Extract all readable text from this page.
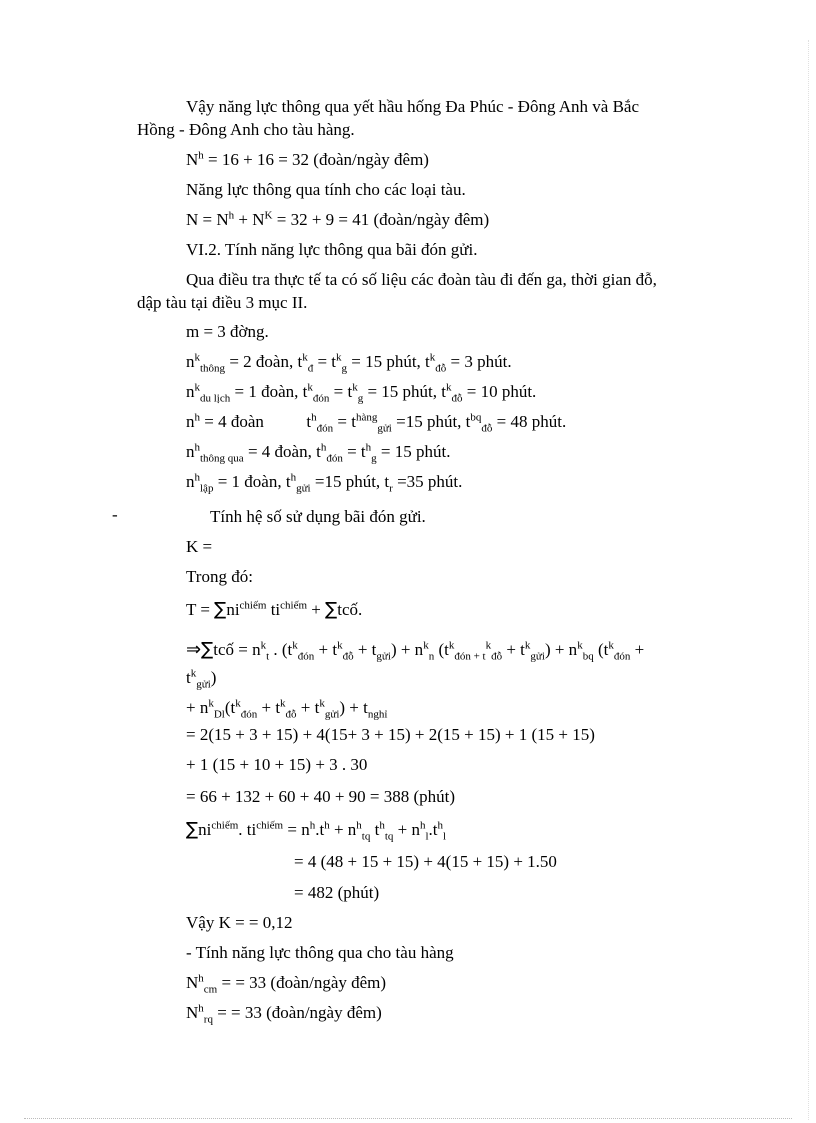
Vậy năng lực thông qua yết hầu hống Đa Phúc - Đông Anh và Bắc
Hồng - Đông Anh cho tàu hàng.
$N^h = 16 + 16 = 32$ (đoàn/ngày đêm)
Năng lực thông qua tính cho các loại tàu.
$N = N^h + N^K = 32 + 9 = 41$ (đoàn/ngày đêm)
VI.2. Tính năng lực thông qua bãi đón gửi.
Qua điều tra thực tế ta có số liệu các đoàn tàu đi đến ga, thời gian đỗ,
dập tàu tại điều 3 mục II.
m = 3 đờng.
$n^k_{thông} = 2$ đoàn, $t^k_đ = t^k_g = 15$ phút, $t^k_{đỗ} = 3$ phút.
$n^k_{du lịch} = 1$ đoàn, $t^k_{đón} = t^k_g = 15$ phút, $t^k_{đỗ} = 10$ phút.
$n^h = 4$ đoàn          $t^h_{đón} = t^{hàng}_{gửi} =15$ phút, $t^{bq}_{đỗ} = 48$ phút.
$n^h_{thông qua} = 4$ đoàn, $t^h_{đón} = t^h_g = 15$ phút.
$n^h_{lập} = 1$ đoàn, $t^h_{gửi} =15$ phút, $t_r =35$ phút.
-	Tính hệ số sử dụng bãi đón gửi.
K =
Trong đó:
$T = \sum ni^{chiếm}$ $ti^{chiếm}$ + ∑tcố.
⇒∑tcố = $n^k_t$ . $(t^k_{đón} + t^k_{đỗ} + t_{gửi}) + n^k_n$ $(t^k_{đón + t}^k_{đỗ} + t^k_{gửi}) + n^k_{bq}$ ($t^k_{đón}$ +
$t^k_{gửi}$)
+ $n^k_{Dl}(t^k_{đón} + t^k_{đỗ} + t^k_{gửi}) + t_{nghỉ}$
= 2(15 + 3 + 15) + 4(15+ 3 + 15) + 2(15 + 15) + 1 (15 + 15)
+ 1 (15 + 10 + 15) + 3 . 30
= 66 + 132 + 60 + 40 + 90 = 388 (phút)
$\sum ni^{chiếm}$. $ti^{chiếm} = n^h.t^h + n^h_{tq}$ $t^h_{tq} + n^h_l.t^h_l$
= 4 (48 + 15 + 15) + 4(15 + 15) + 1.50
= 482 (phút)
Vậy K = = 0,12
- Tính năng lực thông qua cho tàu hàng
$N^h_{cm}$ = = 33 (đoàn/ngày đêm)
$N^h_{rq}$ = = 33 (đoàn/ngày đêm)
